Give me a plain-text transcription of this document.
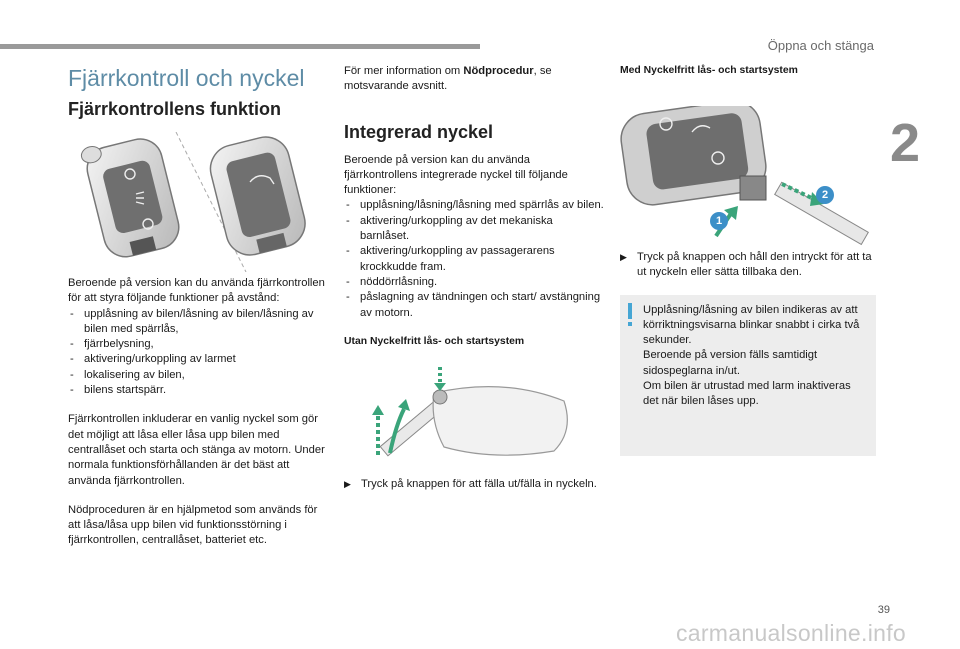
Öppna och stänga
2
Fjärrkontroll och nyckel
Fjärrkontrollens funktion

Beroende på version kan du använda fjärrkontrollen för att styra följande funktioner på avstånd:

- upplåsning av bilen/låsning av bilen/låsning av bilen med spärrlås,
- fjärrbelysning,
- aktivering/urkoppling av larmet
- lokalisering av bilen,
- bilens startspärr.

Fjärrkontrollen inkluderar en vanlig nyckel som gör det möjligt att låsa eller låsa upp bilen med centrallåset och starta och stänga av motorn. Under normala funktionsförhållanden är det bäst att använda fjärrkontrollen.

Nödproceduren är en hjälpmetod som används för att låsa/låsa upp bilen vid funktionsstörning i fjärrkontrollen, centrallåset, batteriet etc.

För mer information om Nödprocedur, se motsvarande avsnitt.

Integrerad nyckel

Beroende på version kan du använda fjärrkontrollens integrerade nyckel till följande funktioner:

- upplåsning/låsning/låsning med spärrlås av bilen.
- aktivering/urkoppling av det mekaniska barnlåset.
- aktivering/urkoppling av passagerarens krockkudde fram.
- nöddörrlåsning.
- påslagning av tändningen och start/ avstängning av motorn.
Utan Nyckelfritt lås- och startsystem
▶ Tryck på knappen för att fälla ut/fälla in nyckeln.
Med Nyckelfritt lås- och startsystem
1
2
▶ Tryck på knappen och håll den intryckt för att ta ut nyckeln eller sätta tillbaka den.

Upplåsning/låsning av bilen indikeras av att körriktningsvisarna blinkar snabbt i cirka två sekunder.

Beroende på version fälls samtidigt sidospeglarna in/ut.

Om bilen är utrustad med larm inaktiveras det när bilen låses upp.

39
carmanualsonline.info
